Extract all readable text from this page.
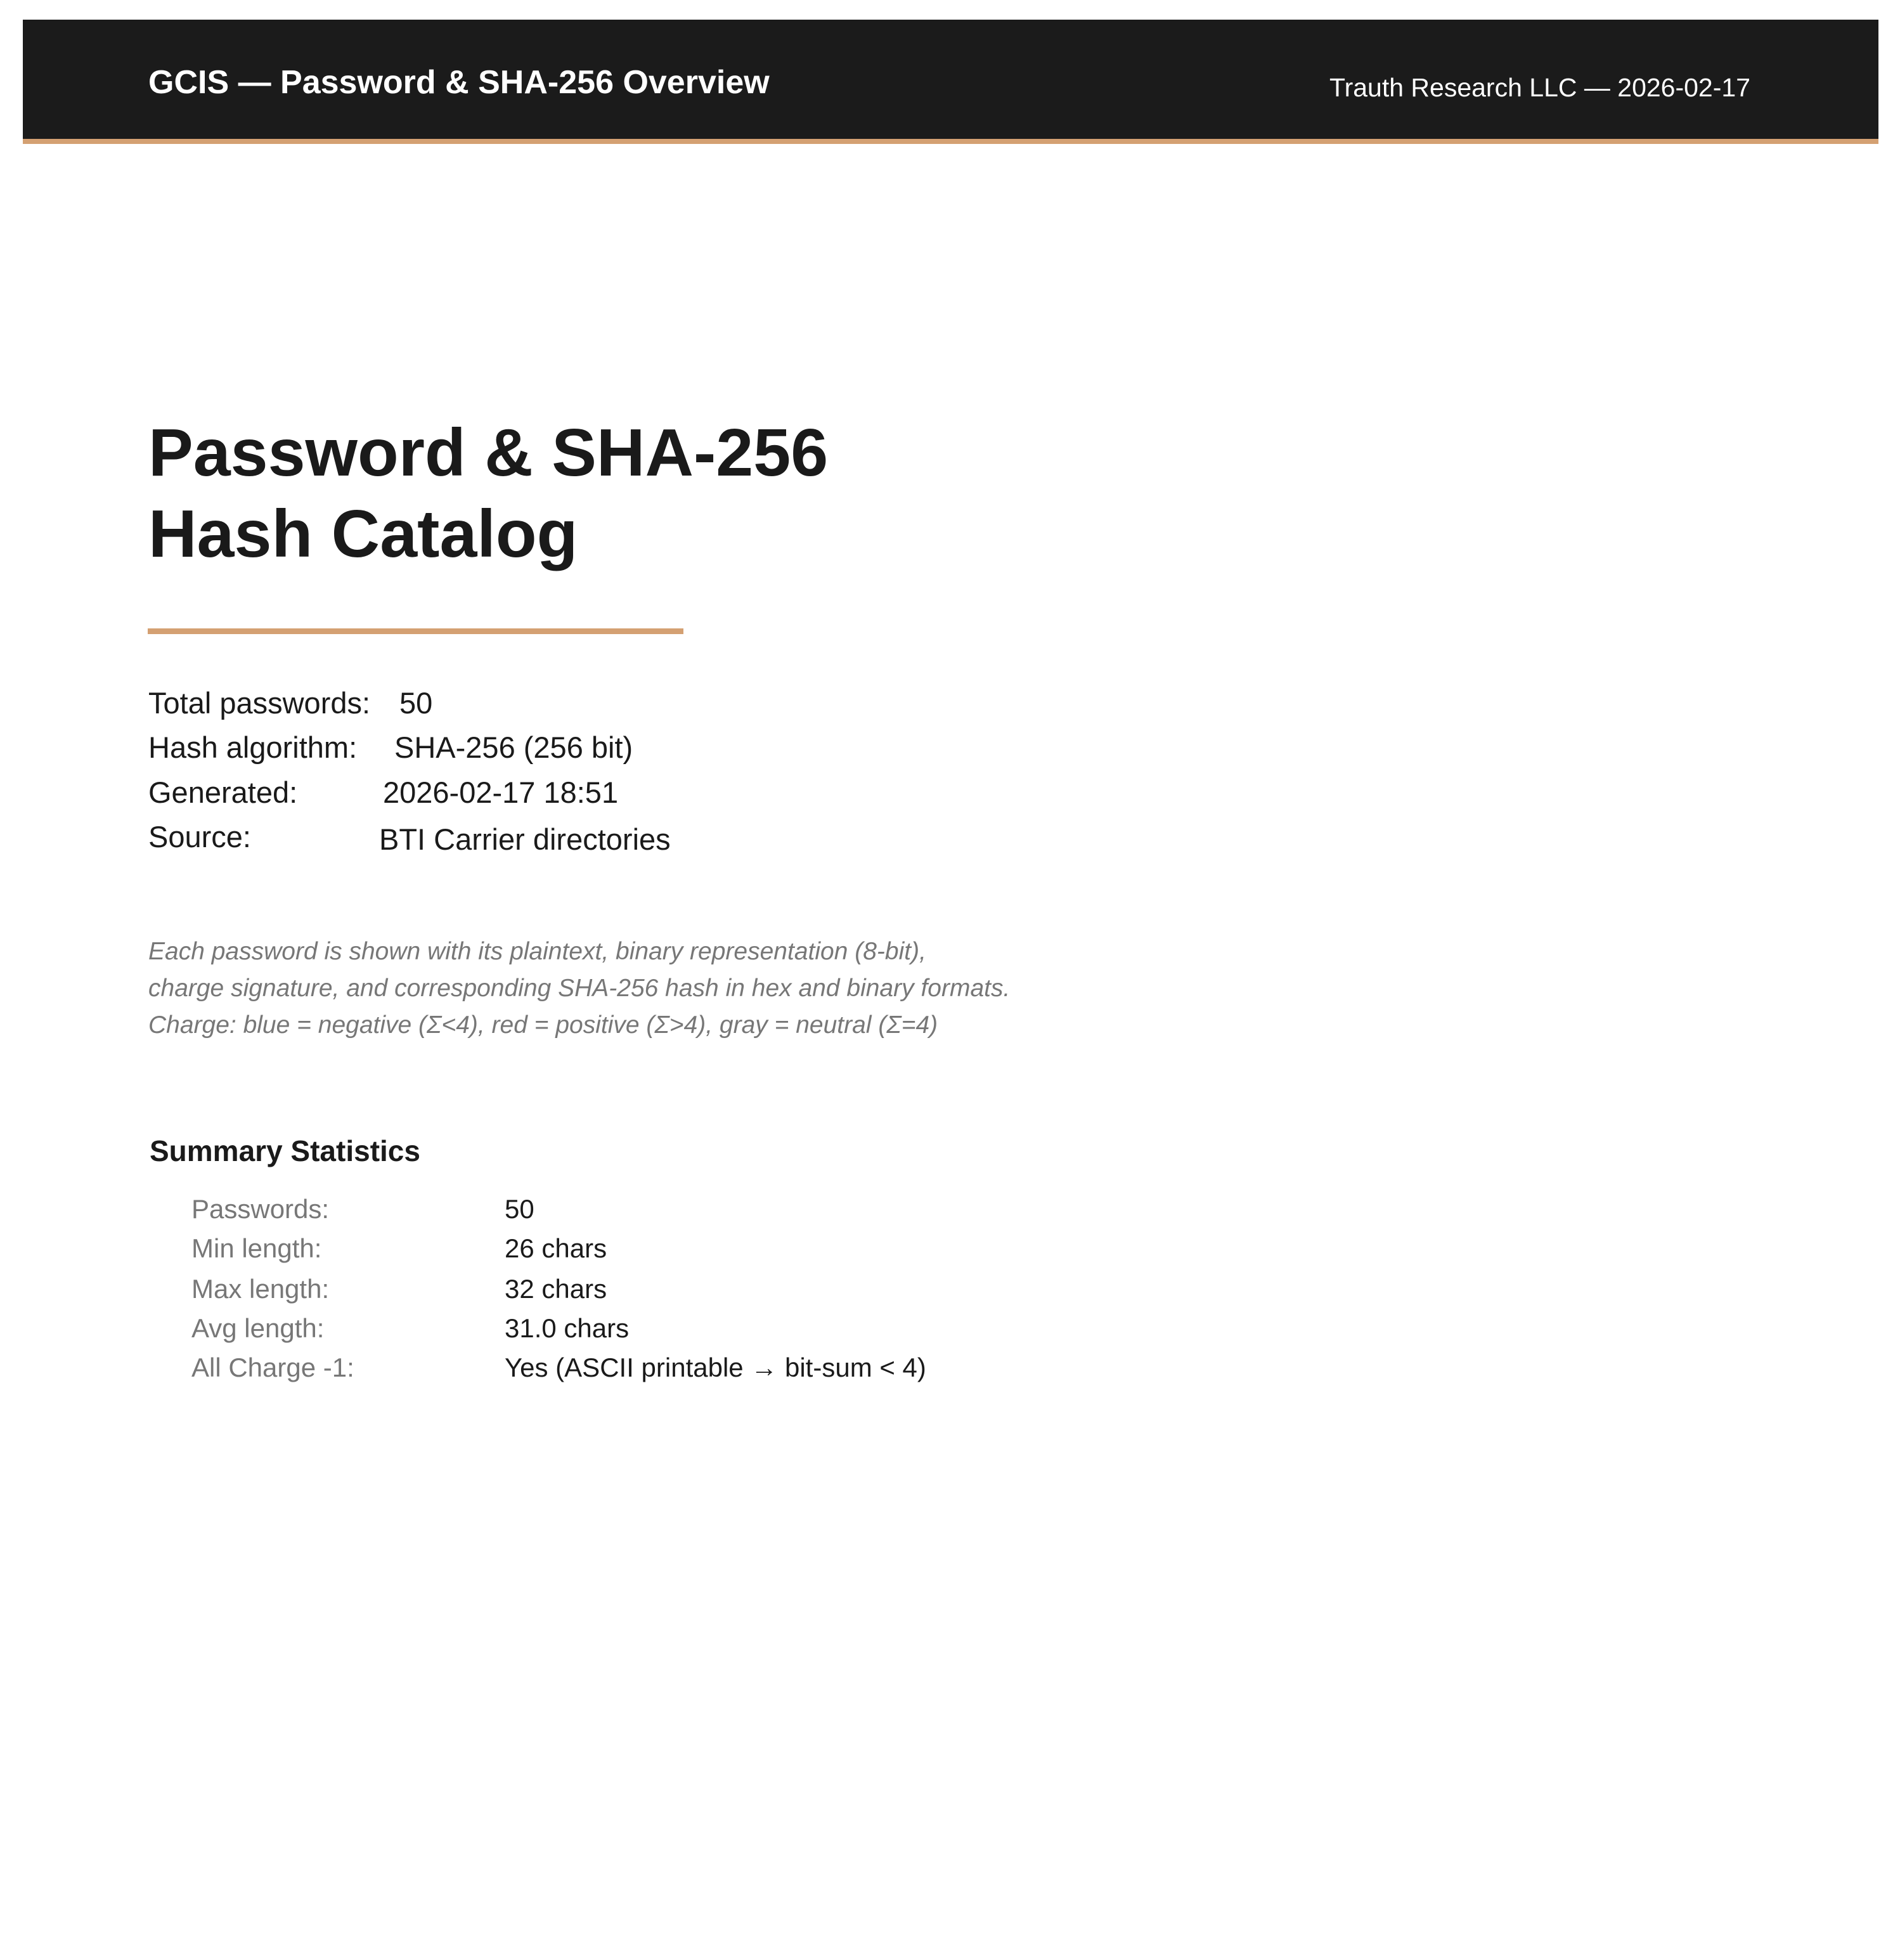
GCIS — Password & SHA-256 Overview	Trauth Research LLC — 2026-02-17
Password & SHA-256
Hash Catalog
Total passwords: 50
Hash algorithm: SHA-256 (256 bit)
Generated:	2026-02-17 18:51
Source:	BTI Carrier directories
Each password is shown with its plaintext, binary representation (8-bit),
charge signature, and corresponding SHA-256 hash in hex and binary formats.
Charge: blue = negative (Σ<4), red = positive (Σ>4), gray = neutral (Σ=4)
Summary Statistics
Passwords:	50
Min length:	26 chars
Max length:	32 chars
Avg length:	31.0 chars
All Charge -1:	Yes (ASCII printable → bit-sum < 4)
